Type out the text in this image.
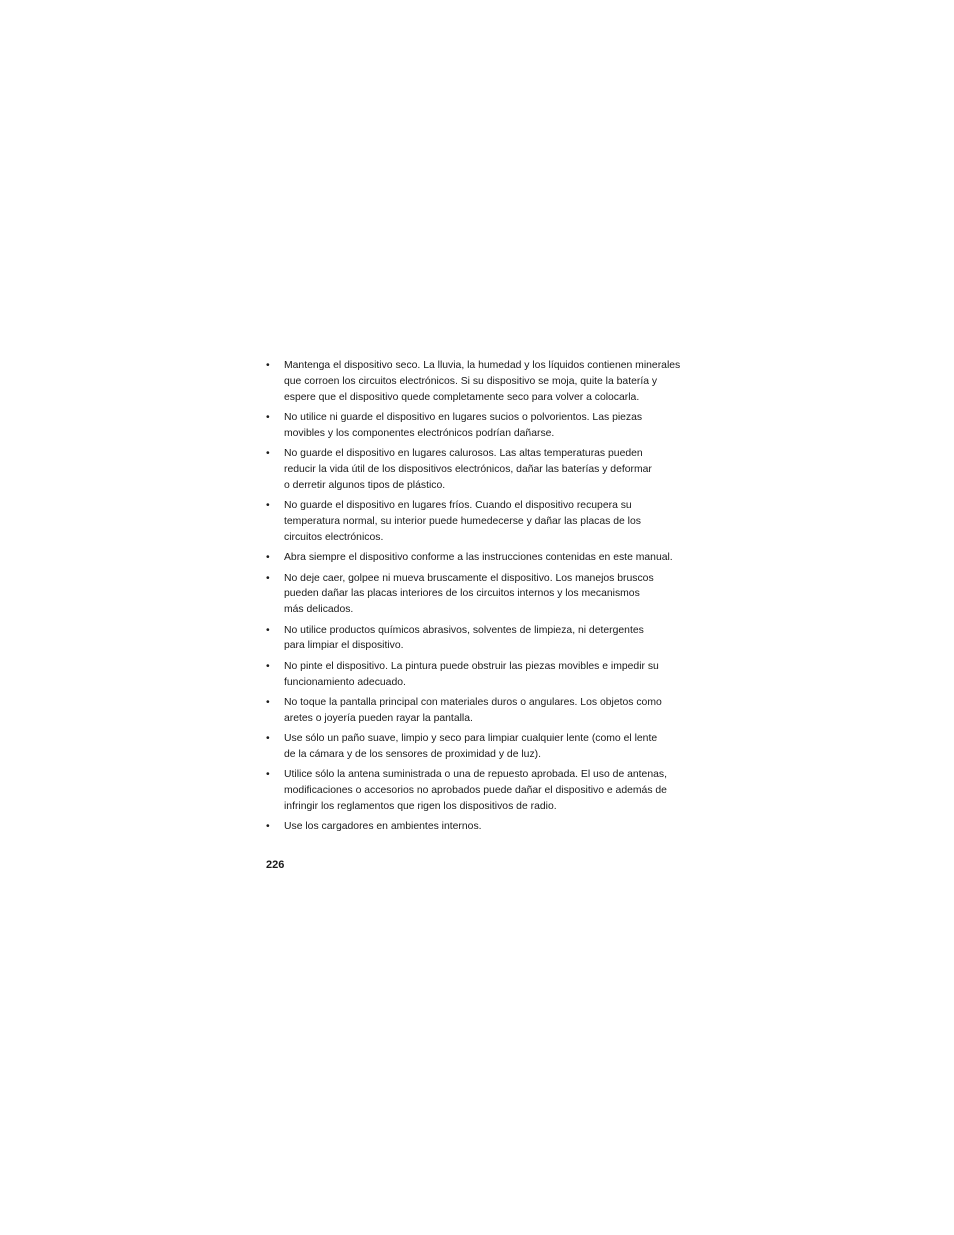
• Mantenga el dispositivo seco. La lluvia, la humedad y los líquidos contienen minerales
que corroen los circuitos electrónicos. Si su dispositivo se moja, quite la batería y
espere que el dispositivo quede completamente seco para volver a colocarla.
• No utilice ni guarde el dispositivo en lugares sucios o polvorientos. Las piezas
movibles y los componentes electrónicos podrían dañarse.
• No guarde el dispositivo en lugares calurosos. Las altas temperaturas pueden
reducir la vida útil de los dispositivos electrónicos, dañar las baterías y deformar
o derretir algunos tipos de plástico.
• No guarde el dispositivo en lugares fríos. Cuando el dispositivo recupera su
temperatura normal, su interior puede humedecerse y dañar las placas de los
circuitos electrónicos.
• Abra siempre el dispositivo conforme a las instrucciones contenidas en este manual.
• No deje caer, golpee ni mueva bruscamente el dispositivo. Los manejos bruscos
pueden dañar las placas interiores de los circuitos internos y los mecanismos
más delicados.
• No utilice productos químicos abrasivos, solventes de limpieza, ni detergentes
para limpiar el dispositivo.
• No pinte el dispositivo. La pintura puede obstruir las piezas movibles e impedir su
funcionamiento adecuado.
• No toque la pantalla principal con materiales duros o angulares. Los objetos como
aretes o joyería pueden rayar la pantalla.
• Use sólo un paño suave, limpio y seco para limpiar cualquier lente (como el lente
de la cámara y de los sensores de proximidad y de luz).
• Utilice sólo la antena suministrada o una de repuesto aprobada. El uso de antenas,
modificaciones o accesorios no aprobados puede dañar el dispositivo e además de
infringir los reglamentos que rigen los dispositivos de radio.
• Use los cargadores en ambientes internos.
226
